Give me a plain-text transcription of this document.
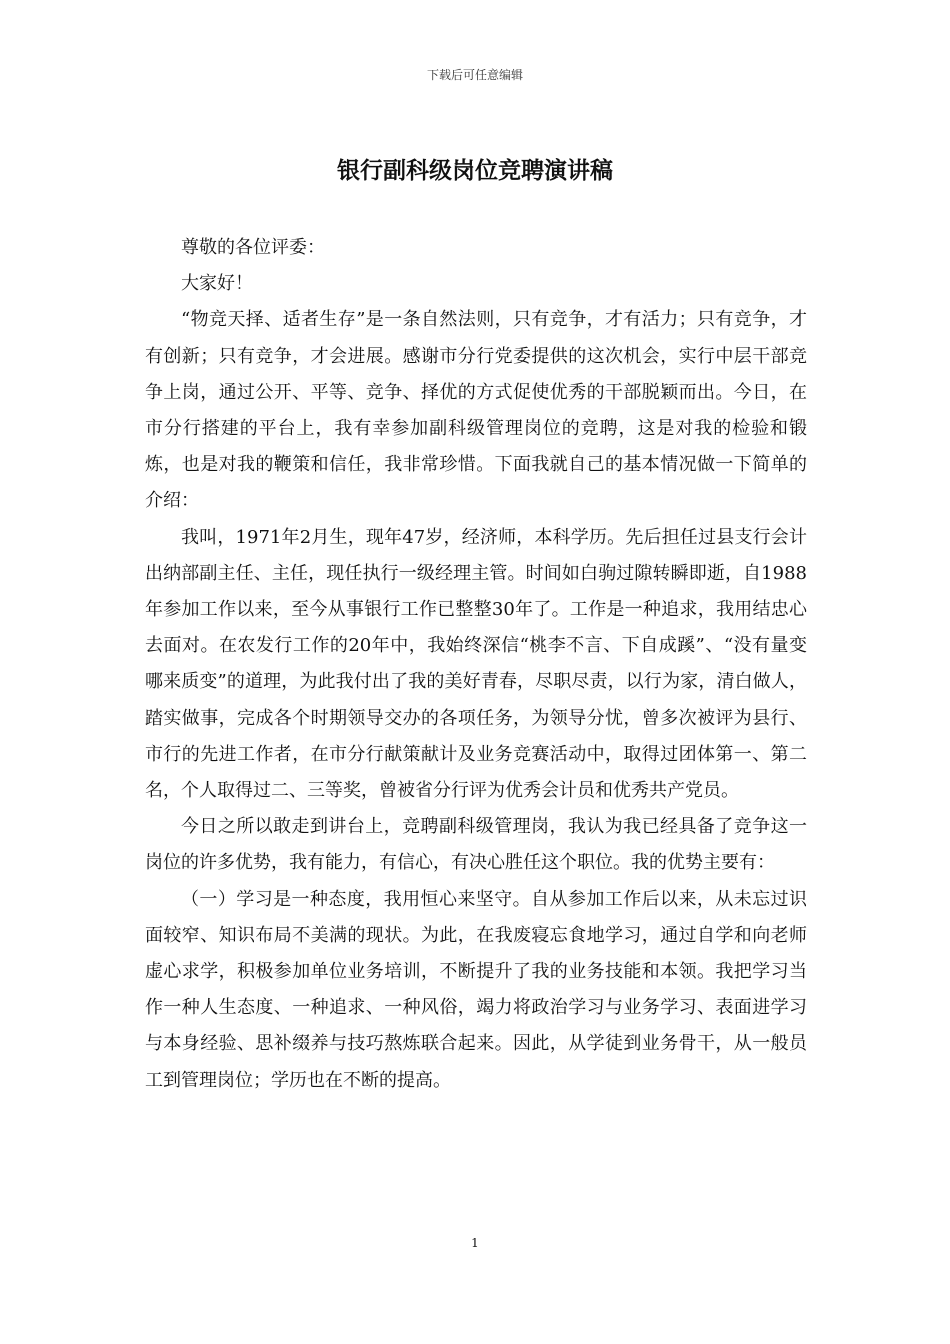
下载后可任意编辑
银行副科级岗位竞聘演讲稿

尊敬的各位评委：

大家好！

“物竞天择、适者生存”是一条自然法则，只有竞争，才有活力；只有竞争，才有创新；只有竞争，才会进展。感谢市分行党委提供的这次机会，实行中层干部竞争上岗，通过公开、平等、竞争、择优的方式促使优秀的干部脱颖而出。今日，在市分行搭建的平台上，我有幸参加副科级管理岗位的竞聘，这是对我的检验和锻炼，也是对我的鞭策和信任，我非常珍惜。下面我就自己的基本情况做一下简单的介绍：

我叫，1971年2月生，现年47岁，经济师，本科学历。先后担任过县支行会计出纳部副主任、主任，现任执行一级经理主管。时间如白驹过隙转瞬即逝，自1988年参加工作以来，至今从事银行工作已整整30年了。工作是一种追求，我用结忠心去面对。在农发行工作的20年中，我始终深信“桃李不言、下自成蹊”、“没有量变哪来质变”的道理，为此我付出了我的美好青春，尽职尽责，以行为家，清白做人，踏实做事，完成各个时期领导交办的各项任务，为领导分忧，曾多次被评为县行、市行的先进工作者，在市分行献策献计及业务竞赛活动中，取得过团体第一、第二名，个人取得过二、三等奖，曾被省分行评为优秀会计员和优秀共产党员。

今日之所以敢走到讲台上，竞聘副科级管理岗，我认为我已经具备了竞争这一岗位的许多优势，我有能力，有信心，有决心胜任这个职位。我的优势主要有：

（一）学习是一种态度，我用恒心来坚守。自从参加工作后以来，从未忘过识面较窄、知识布局不美满的现状。为此，在我废寝忘食地学习，通过自学和向老师虚心求学，积极参加单位业务培训，不断提升了我的业务技能和本领。我把学习当作一种人生态度、一种追求、一种风俗，竭力将政治学习与业务学习、表面进学习与本身经验、思补缀养与技巧熬炼联合起来。因此，从学徒到业务骨干，从一般员工到管理岗位；学历也在不断的提高。

1
